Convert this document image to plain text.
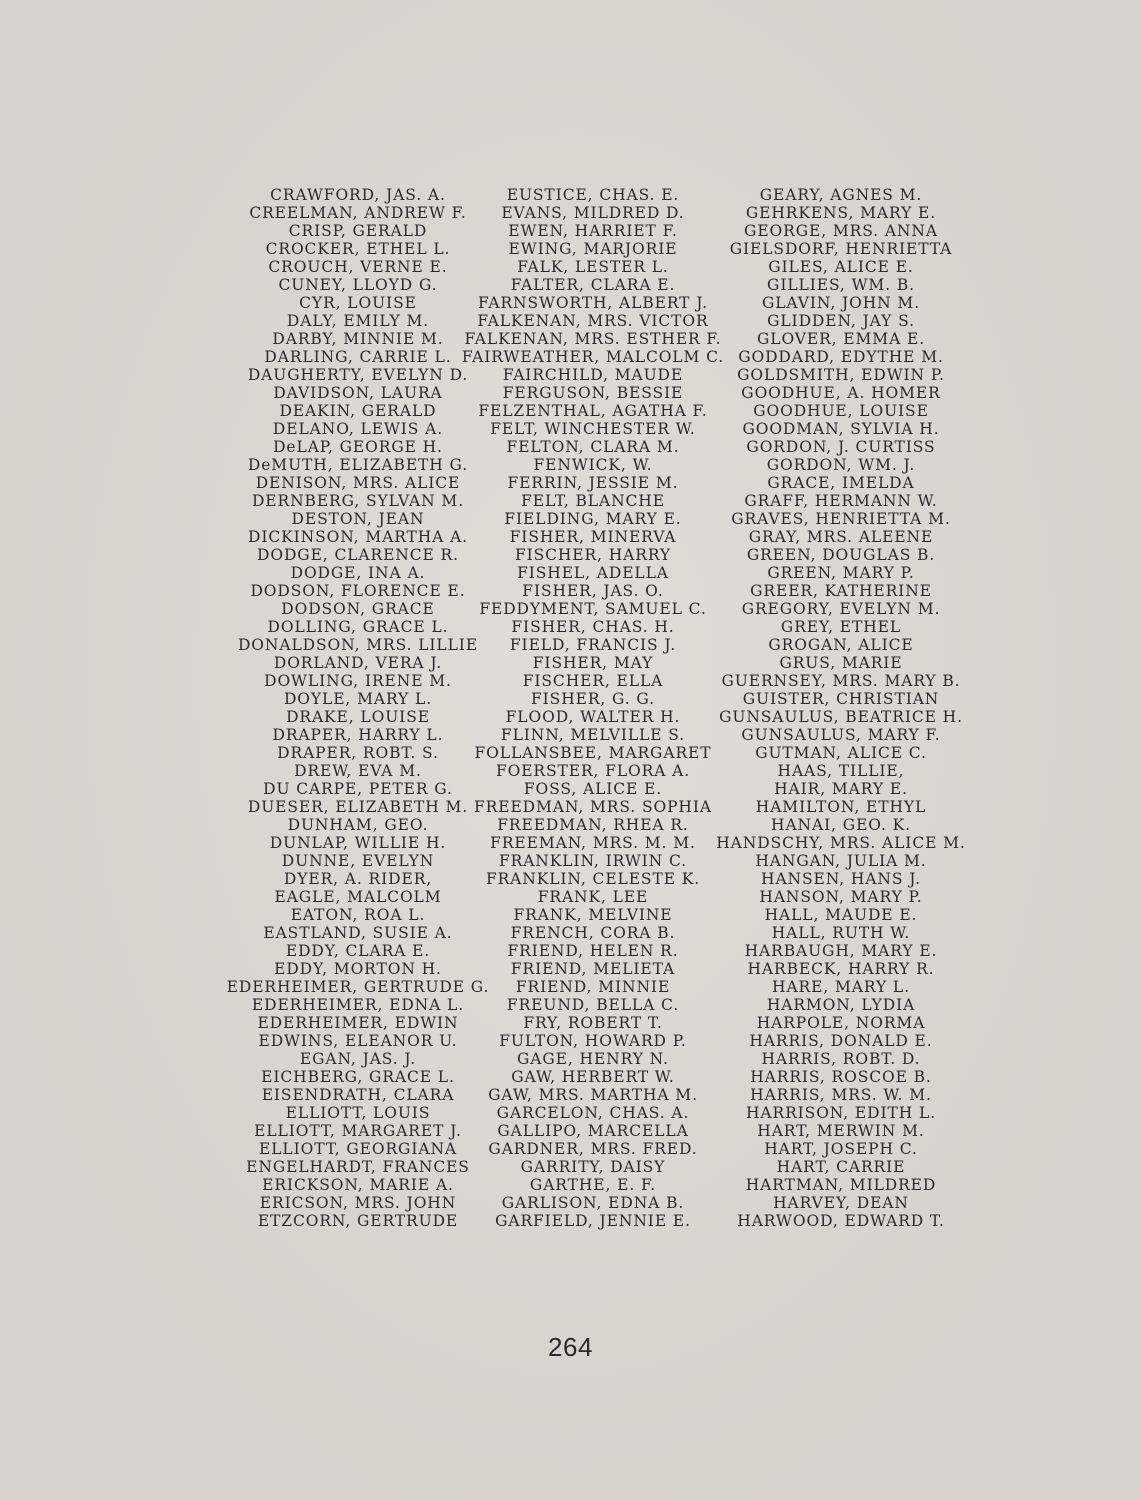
CRAWFORD, JAS. A.
CREELMAN, ANDREW F.
CRISP, GERALD
CROCKER, ETHEL L.
CROUCH, VERNE E.
CUNEY, LLOYD G.
CYR, LOUISE
DALY, EMILY M.
DARBY, MINNIE M.
DARLING, CARRIE L.
DAUGHERTY, EVELYN D.
DAVIDSON, LAURA
DEAKIN, GERALD
DELANO, LEWIS A.
DeLAP, GEORGE H.
DeMUTH, ELIZABETH G.
DENISON, MRS. ALICE
DERNBERG, SYLVAN M.
DESTON, JEAN
DICKINSON, MARTHA A.
DODGE, CLARENCE R.
DODGE, INA A.
DODSON, FLORENCE E.
DODSON, GRACE
DOLLING, GRACE L.
DONALDSON, MRS. LILLIE
DORLAND, VERA J.
DOWLING, IRENE M.
DOYLE, MARY L.
DRAKE, LOUISE
DRAPER, HARRY L.
DRAPER, ROBT. S.
DREW, EVA M.
DU CARPE, PETER G.
DUESER, ELIZABETH M.
DUNHAM, GEO.
DUNLAP, WILLIE H.
DUNNE, EVELYN
DYER, A. RIDER,
EAGLE, MALCOLM
EATON, ROA L.
EASTLAND, SUSIE A.
EDDY, CLARA E.
EDDY, MORTON H.
EDERHEIMER, GERTRUDE G.
EDERHEIMER, EDNA L.
EDERHEIMER, EDWIN
EDWINS, ELEANOR U.
EGAN, JAS. J.
EICHBERG, GRACE L.
EISENDRATH, CLARA
ELLIOTT, LOUIS
ELLIOTT, MARGARET J.
ELLIOTT, GEORGIANA
ENGELHARDT, FRANCES
ERICKSON, MARIE A.
ERICSON, MRS. JOHN
ETZCORN, GERTRUDE
EUSTICE, CHAS. E.
EVANS, MILDRED D.
EWEN, HARRIET F.
EWING, MARJORIE
FALK, LESTER L.
FALTER, CLARA E.
FARNSWORTH, ALBERT J.
FALKENAN, MRS. VICTOR
FALKENAN, MRS. ESTHER F.
FAIRWEATHER, MALCOLM C.
FAIRCHILD, MAUDE
FERGUSON, BESSIE
FELZENTHAL, AGATHA F.
FELT, WINCHESTER W.
FELTON, CLARA M.
FENWICK, W.
FERRIN, JESSIE M.
FELT, BLANCHE
FIELDING, MARY E.
FISHER, MINERVA
FISCHER, HARRY
FISHEL, ADELLA
FISHER, JAS. O.
FEDDYMENT, SAMUEL C.
FISHER, CHAS. H.
FIELD, FRANCIS J.
FISHER, MAY
FISCHER, ELLA
FISHER, G. G.
FLOOD, WALTER H.
FLINN, MELVILLE S.
FOLLANSBEE, MARGARET
FOERSTER, FLORA A.
FOSS, ALICE E.
FREEDMAN, MRS. SOPHIA
FREEDMAN, RHEA R.
FREEMAN, MRS. M. M.
FRANKLIN, IRWIN C.
FRANKLIN, CELESTE K.
FRANK, LEE
FRANK, MELVINE
FRENCH, CORA B.
FRIEND, HELEN R.
FRIEND, MELIETA
FRIEND, MINNIE
FREUND, BELLA C.
FRY, ROBERT T.
FULTON, HOWARD P.
GAGE, HENRY N.
GAW, HERBERT W.
GAW, MRS. MARTHA M.
GARCELON, CHAS. A.
GALLIPO, MARCELLA
GARDNER, MRS. FRED.
GARRITY, DAISY
GARTHE, E. F.
GARLISON, EDNA B.
GARFIELD, JENNIE E.
GEARY, AGNES M.
GEHRKENS, MARY E.
GEORGE, MRS. ANNA
GIELSDORF, HENRIETTA
GILES, ALICE E.
GILLIES, WM. B.
GLAVIN, JOHN M.
GLIDDEN, JAY S.
GLOVER, EMMA E.
GODDARD, EDYTHE M.
GOLDSMITH, EDWIN P.
GOODHUE, A. HOMER
GOODHUE, LOUISE
GOODMAN, SYLVIA H.
GORDON, J. CURTISS
GORDON, WM. J.
GRACE, IMELDA
GRAFF, HERMANN W.
GRAVES, HENRIETTA M.
GRAY, MRS. ALEENE
GREEN, DOUGLAS B.
GREEN, MARY P.
GREER, KATHERINE
GREGORY, EVELYN M.
GREY, ETHEL
GROGAN, ALICE
GRUS, MARIE
GUERNSEY, MRS. MARY B.
GUISTER, CHRISTIAN
GUNSAULUS, BEATRICE H.
GUNSAULUS, MARY F.
GUTMAN, ALICE C.
HAAS, TILLIE,
HAIR, MARY E.
HAMILTON, ETHYL
HANAI, GEO. K.
HANDSCHY, MRS. ALICE M.
HANGAN, JULIA M.
HANSEN, HANS J.
HANSON, MARY P.
HALL, MAUDE E.
HALL, RUTH W.
HARBAUGH, MARY E.
HARBECK, HARRY R.
HARE, MARY L.
HARMON, LYDIA
HARPOLE, NORMA
HARRIS, DONALD E.
HARRIS, ROBT. D.
HARRIS, ROSCOE B.
HARRIS, MRS. W. M.
HARRISON, EDITH L.
HART, MERWIN M.
HART, JOSEPH C.
HART, CARRIE
HARTMAN, MILDRED
HARVEY, DEAN
HARWOOD, EDWARD T.
264
